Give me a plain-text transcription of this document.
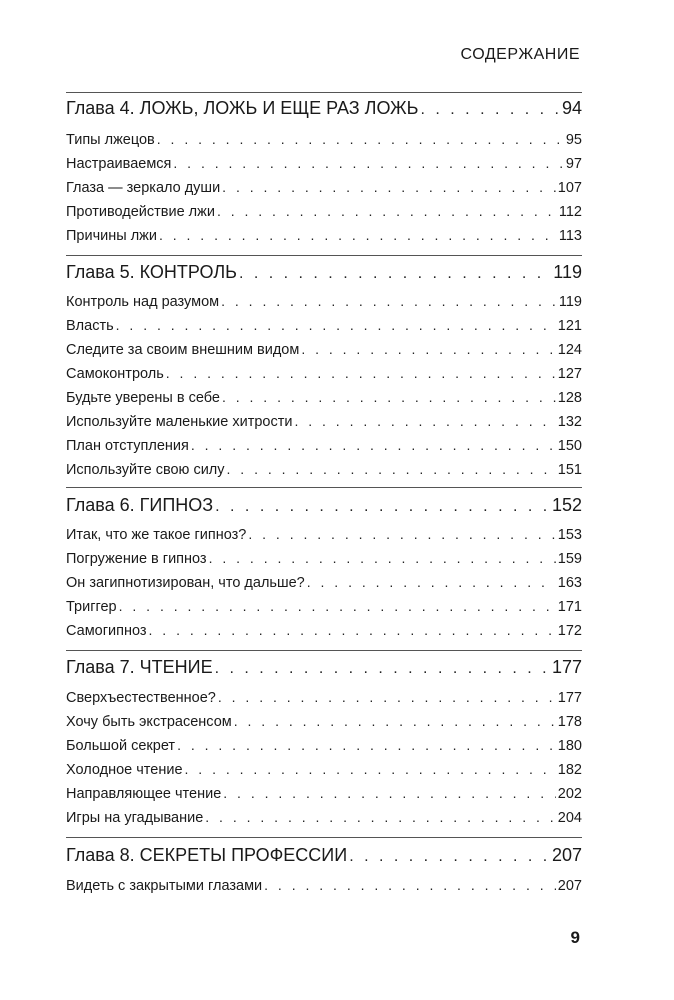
СОДЕРЖАНИЕ
Глава 4. ЛОЖЬ, ЛОЖЬ И ЕЩЕ РАЗ ЛОЖЬ . . .	94
Типы лжецов . . .	95
Настраиваемся . . .	97
Глаза — зеркало души . . .	107
Противодействие лжи . . .	112
Причины лжи . . .	113
Глава 5. КОНТРОЛЬ . . .	119
Контроль над разумом . . .	119
Власть . . .	121
Следите за своим внешним видом . . .	124
Самоконтроль . . .	127
Будьте уверены в себе . . .	128
Используйте маленькие хитрости . . .	132
План отступления . . .	150
Используйте свою силу . . .	151
Глава 6. ГИПНОЗ . . .	152
Итак, что же такое гипноз? . . .	153
Погружение в гипноз . . .	159
Он загипнотизирован, что дальше? . . .	163
Триггер . . .	171
Самогипноз . . .	172
Глава 7. ЧТЕНИЕ . . .	177
Сверхъестественное? . . .	177
Хочу быть экстрасенсом . . .	178
Большой секрет . . .	180
Холодное чтение . . .	182
Направляющее чтение . . .	202
Игры на угадывание . . .	204
Глава 8. СЕКРЕТЫ ПРОФЕССИИ . . .	207
Видеть с закрытыми глазами . . .	207
9
